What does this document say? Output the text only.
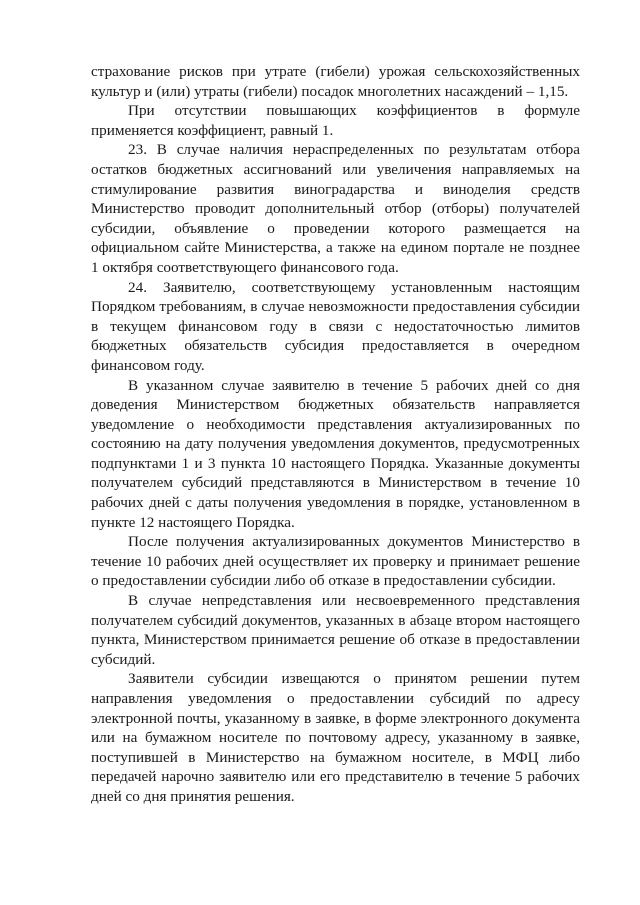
страхование рисков при утрате (гибели) урожая сельскохозяйственных культур и (или) утраты (гибели) посадок многолетних насаждений – 1,15.

При отсутствии повышающих коэффициентов в формуле применяется коэффициент, равный 1.

23. В случае наличия нераспределенных по результатам отбора остатков бюджетных ассигнований или увеличения направляемых на стимулирование развития виноградарства и виноделия средств Министерство проводит дополнительный отбор (отборы) получателей субсидии, объявление о проведении которого размещается на официальном сайте Министерства, а также на едином портале не позднее 1 октября соответствующего финансового года.

24. Заявителю, соответствующему установленным настоящим Порядком требованиям, в случае невозможности предоставления субсидии в текущем финансовом году в связи с недостаточностью лимитов бюджетных обязательств субсидия предоставляется в очередном финансовом году.

В указанном случае заявителю в течение 5 рабочих дней со дня доведения Министерством бюджетных обязательств направляется уведомление о необходимости представления актуализированных по состоянию на дату получения уведомления документов, предусмотренных подпунктами 1 и 3 пункта 10 настоящего Порядка. Указанные документы получателем субсидий представляются в Министерством в течение 10 рабочих дней с даты получения уведомления в порядке, установленном в пункте 12 настоящего Порядка.

После получения актуализированных документов Министерство в течение 10 рабочих дней осуществляет их проверку и принимает решение о предоставлении субсидии либо об отказе в предоставлении субсидии.

В случае непредставления или несвоевременного представления получателем субсидий документов, указанных в абзаце втором настоящего пункта, Министерством принимается решение об отказе в предоставлении субсидий.

Заявители субсидии извещаются о принятом решении путем направления уведомления о предоставлении субсидий по адресу электронной почты, указанному в заявке, в форме электронного документа или на бумажном носителе по почтовому адресу, указанному в заявке, поступившей в Министерство на бумажном носителе, в МФЦ либо передачей нарочно заявителю или его представителю в течение 5 рабочих дней со дня принятия решения.
